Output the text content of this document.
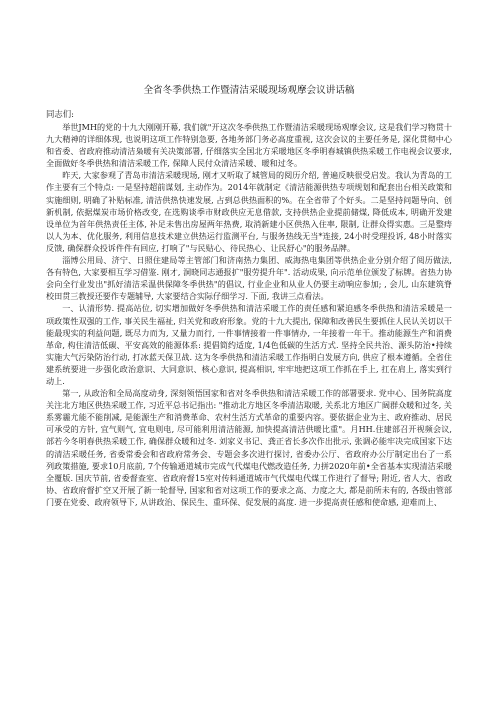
全省冬季供热工作暨清洁采暖现场观摩会议讲话稿

同志们:

举世JMH的党的十九大刚刚开幕, 我们就"开这次冬季供热工作暨清洁采暖现场观摩会议, 这是我们学习物贯十九大精神的详细体现, 也说明这项工作特别急要, 各地务部门务必高度重视, 这次会议的主要任务是, 深化贯彻中心和省委、省政府推动清洁枭暖有关决策部署, 仔细落实全国北方采暖地区冬季明春城镇供热采暖工作电视会议要求, 全面做好冬季供热和清洁采暖工作, 保障人民付众清洁采暖、暖和过冬。

昨天, 大家参观了青岛市清洁采暖现场, 刚才又听取了城管局的阅历介绍, 普遍反映很受启发。我认为青岛的工作主要有三个特点: 一是坚持超前谋划, 主动作为。2014年就制定《清洁能源供热专项规划和配套出台相关政策和实施细则, 明确了补贴标准, 清洁供热快速发展, 占到总供热面积的%。在全省带了个好头。二是坚持问题导向、创新机制, 依据煤炭市场价格改变, 在选购谈季市财政供应无息借款, 支持供热企业提前储煤, 降低成本, 明确开发建设单位为首年供热责任主体, 补足未售出房屋两年热费, 取消新建小区供热入住率, 限制, 让群众得实惠。三是整痔以人为本、优化服务, 利用信息技术建立供热运行监测平台, 与服务热线无当*连接, 24小时受理投诉, 48小时落实反馈, 确保群众投诉件件有回应, 打响了"与民贴心、待民热心、让民舒心"的服务品牌。

淄博公用局、济宁、日照住建局等主管部门和济南热力集团、威海热电集团等供热企业分别介绍了阅历做法, 各有特色, 大家要相互学习借鉴. 刚才, 洞晓同志通报扩"服劳提升年". 活动成果, 向示范单位颁发了标牌。省热力协会向全行业发出"抓好清洁采温供保障冬季供热"的倡议, 行业企业和从业人仍要主动响应参加; , 会儿, 山东建筑脊校田贯三教授还要作专题辅导, 大家要结合实际仔细学习. 下面, 我讲三点看法。

一、认清形势. 提高站位, 切实增加做好冬季供热和清洁采暖工作的责任感和紧迫感冬季供热和清洁采暖是一项政策性双强的工作, 事关民生福祉, 归关党和政府形象。党的十九大提出, 保障和改善民生要抓住人民认关切以干能最现实的利益问题, 既尽力而为, 又量力而行, 一件事情接着一件事情办, 一年接着一年干。推动能源生产和消费革命, 构住清洁低碳、平安高效的能源体系: 提倡简约适度, 1/4色低碳的生活方式. 坚持全民共治、源头防治•持续实施大气污染防治行动, 打冰蓝天保卫战. 这为冬季供热和清洁采暖工作指明白发展方向, 供应了根本遵循。全省住建系统要进一步强化政治意识、大同意识、核心意识, 提高相识, 牢牢地把这项工作抓在手上, 扛在肩上, 落实到行动上.

第一, 从政治和全局高度动身, 深刻领悟国家和省对冬季供热和清洁采暖工作的部署要求. 党中心、国务院高度关注北方地区供热采暖工作, 习近平总书记指出: "推动北方地区冬季清洁取暖, 关系北方地区广阔群众暖和过冬, 关系雾霾尤能不能削减, 是能源生产和消费革命、农村生活方式革命的重要内容。要依据企业为主、政府推动、居民可承受的方针, 宜气则气, 宜电则电, 尽可能利用清洁能源, 加快提高清洁供暖比重"。月HH.住建部召开视频会议, 部若今冬明春供热采暖工作, 确保群众暖和过冬. 刘家义书记、龚正省长多次作出批示, 张调必能牢决完成国家下达的清洁采暖任务, 省委常委会和省政府常务会、专题会多次进行探讨, 省委办公厅、省政府办公厅制定出台了一系列政策措施, 要求10月底前, 7个传输通道城市完成气代煤电代燃改造任务, 力拼2020年前•全省基本实现清洁采暖全覆版. 国庆节前, 省委督查室、省政府督15室对传料通道城市气代煤电代煤工作进行了督导; 附近, 省人大、省政协、省政府督扩空又开展了新一轮督导, 国家和省对这项工作的要求之高、力度之大, 都是前所未有的, 各级由管部门要在党委、政府领导下, 从讲政治、保民生、重环保、促发展的高度. 进一步提高责任感和使命感, 迎难而上、
